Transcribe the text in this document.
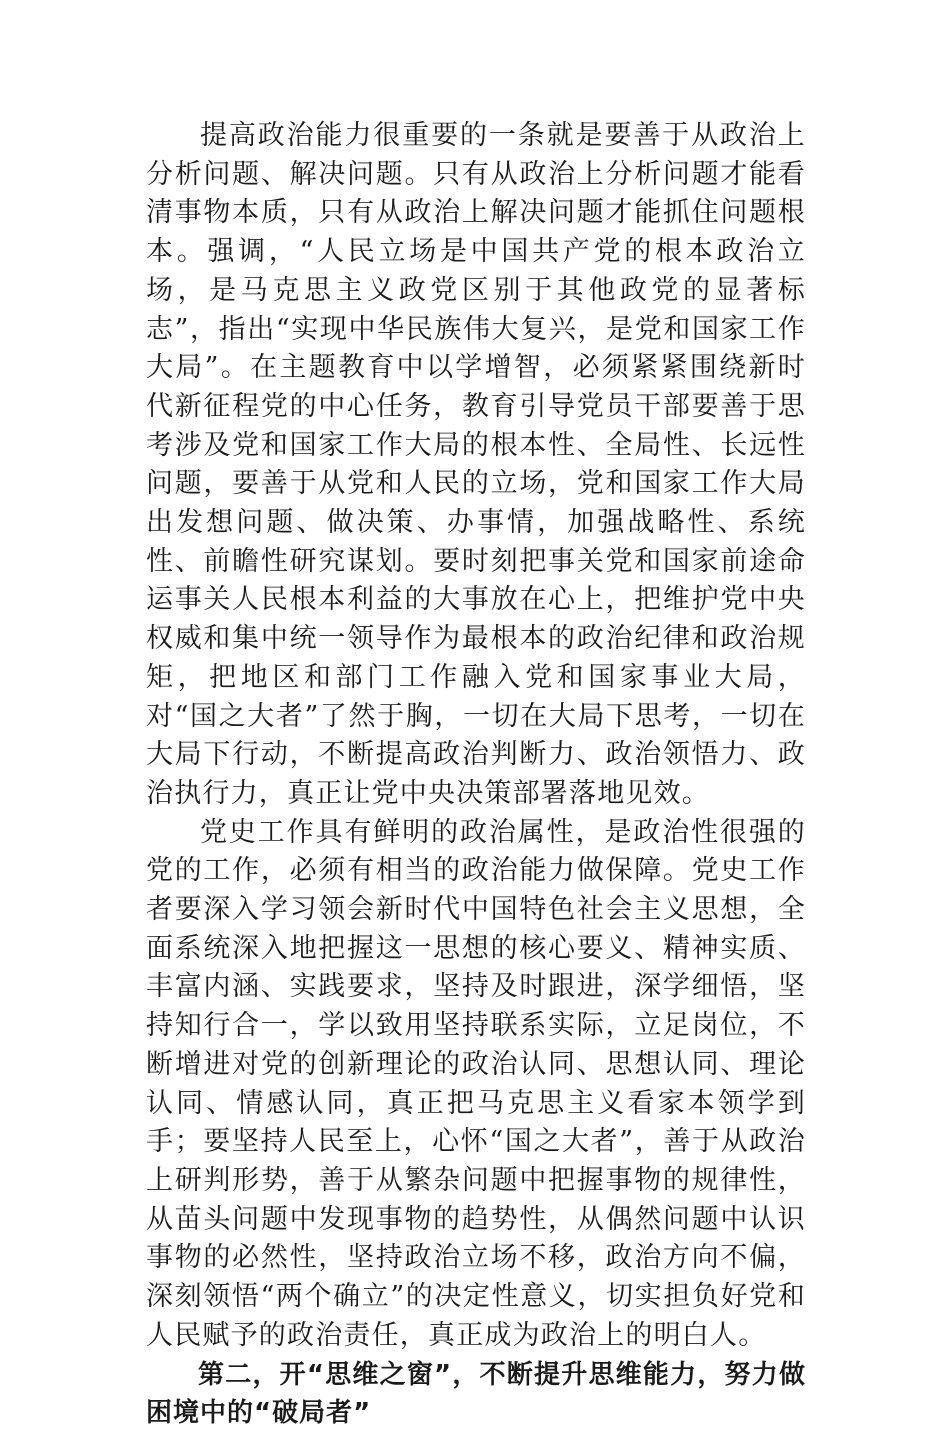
提高政治能力很重要的一条就是要善于从政治上分析问题、解决问题。只有从政治上分析问题才能看清事物本质，只有从政治上解决问题才能抓住问题根本。强调，“人民立场是中国共产党的根本政治立场，是马克思主义政党区别于其他政党的显著标志”，指出“实现中华民族伟大复兴，是党和国家工作大局”。在主题教育中以学增智，必须紧紧围绕新时代新征程党的中心任务，教育引导党员干部要善于思考涉及党和国家工作大局的根本性、全局性、长远性问题，要善于从党和人民的立场，党和国家工作大局出发想问题、做决策、办事情，加强战略性、系统性、前瞻性研究谋划。要时刻把事关党和国家前途命运事关人民根本利益的大事放在心上，把维护党中央权威和集中统一领导作为最根本的政治纪律和政治规矩，把地区和部门工作融入党和国家事业大局，对“国之大者”了然于胸，一切在大局下思考，一切在大局下行动，不断提高政治判断力、政治领悟力、政治执行力，真正让党中央决策部署落地见效。

党史工作具有鲜明的政治属性，是政治性很强的党的工作，必须有相当的政治能力做保障。党史工作者要深入学习领会新时代中国特色社会主义思想，全面系统深入地把握这一思想的核心要义、精神实质、丰富内涵、实践要求，坚持及时跟进，深学细悟，坚持知行合一，学以致用坚持联系实际，立足岗位，不断增进对党的创新理论的政治认同、思想认同、理论认同、情感认同，真正把马克思主义看家本领学到手；要坚持人民至上，心怀“国之大者”，善于从政治上研判形势，善于从繁杂问题中把握事物的规律性，从苗头问题中发现事物的趋势性，从偶然问题中认识事物的必然性，坚持政治立场不移，政治方向不偏，深刻领悟“两个确立”的决定性意义，切实担负好党和人民赋予的政治责任，真正成为政治上的明白人。

第二，开“思维之窗”，不断提升思维能力，努力做困境中的“破局者”
